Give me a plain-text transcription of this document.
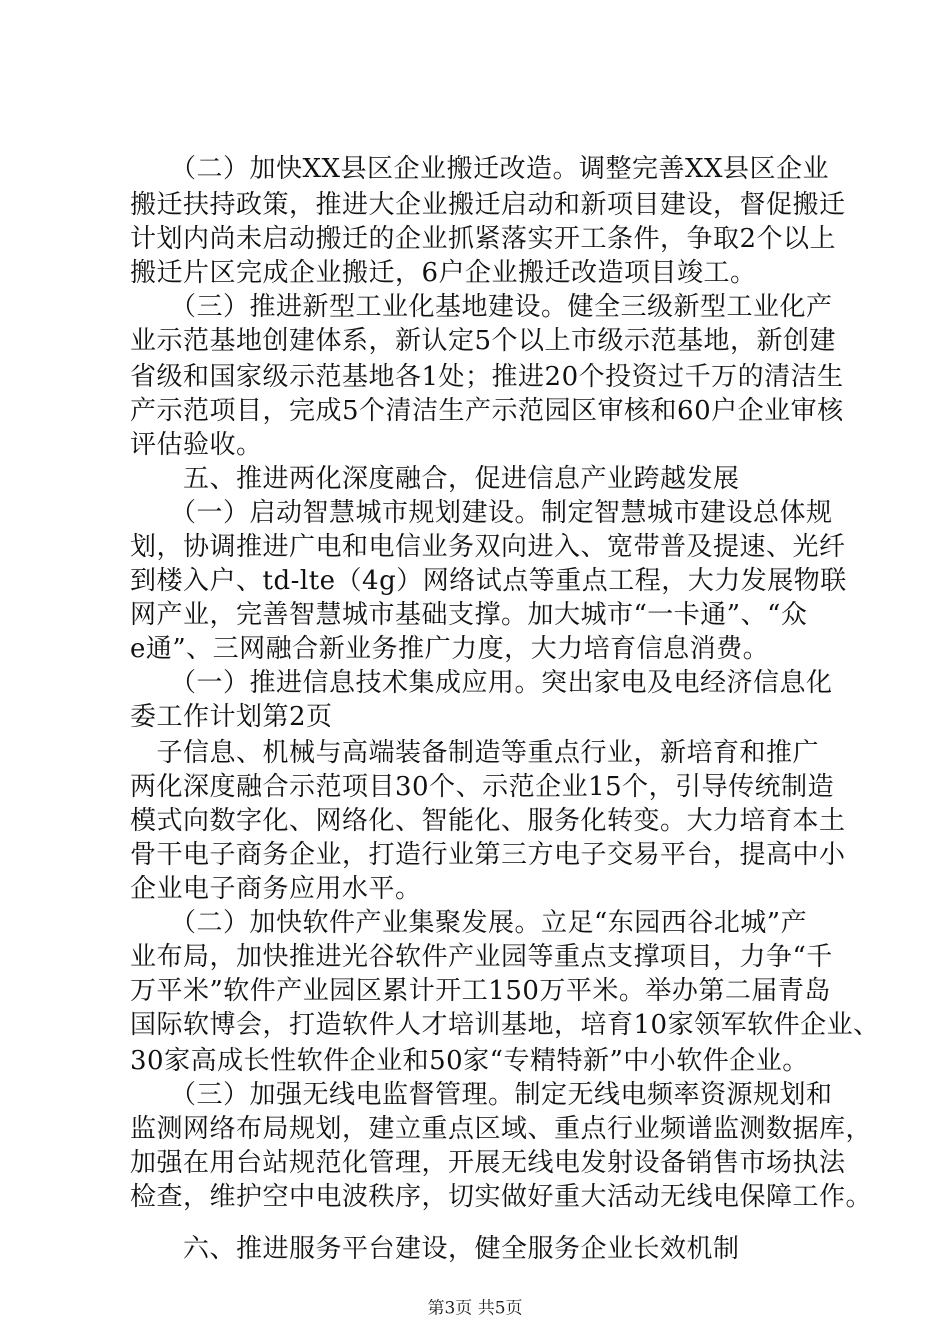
　　（二）加快XX县区企业搬迁改造。调整完善XX县区企业
搬迁扶持政策，推进大企业搬迁启动和新项目建设，督促搬迁
计划内尚未启动搬迁的企业抓紧落实开工条件，争取2个以上
搬迁片区完成企业搬迁，6户企业搬迁改造项目竣工。
　　（三）推进新型工业化基地建设。健全三级新型工业化产
业示范基地创建体系，新认定5个以上市级示范基地，新创建
省级和国家级示范基地各1处；推进20个投资过千万的清洁生
产示范项目，完成5个清洁生产示范园区审核和60户企业审核
评估验收。
　　五、推进两化深度融合，促进信息产业跨越发展
　　（一）启动智慧城市规划建设。制定智慧城市建设总体规
划，协调推进广电和电信业务双向进入、宽带普及提速、光纤
到楼入户、td-lte（4g）网络试点等重点工程，大力发展物联
网产业，完善智慧城市基础支撑。加大城市“一卡通”、“众
e通”、三网融合新业务推广力度，大力培育信息消费。
　　（一）推进信息技术集成应用。突出家电及电经济信息化
委工作计划第2页
　子信息、机械与高端装备制造等重点行业，新培育和推广
两化深度融合示范项目30个、示范企业15个，引导传统制造
模式向数字化、网络化、智能化、服务化转变。大力培育本土
骨干电子商务企业，打造行业第三方电子交易平台，提高中小
企业电子商务应用水平。
　　（二）加快软件产业集聚发展。立足“东园西谷北城”产
业布局，加快推进光谷软件产业园等重点支撑项目，力争“千
万平米”软件产业园区累计开工150万平米。举办第二届青岛
国际软博会，打造软件人才培训基地，培育10家领军软件企业、
30家高成长性软件企业和50家“专精特新”中小软件企业。
　　（三）加强无线电监督管理。制定无线电频率资源规划和
监测网络布局规划，建立重点区域、重点行业频谱监测数据库，
加强在用台站规范化管理，开展无线电发射设备销售市场执法
检查，维护空中电波秩序，切实做好重大活动无线电保障工作。
　　六、推进服务平台建设，健全服务企业长效机制
第3页 共5页
